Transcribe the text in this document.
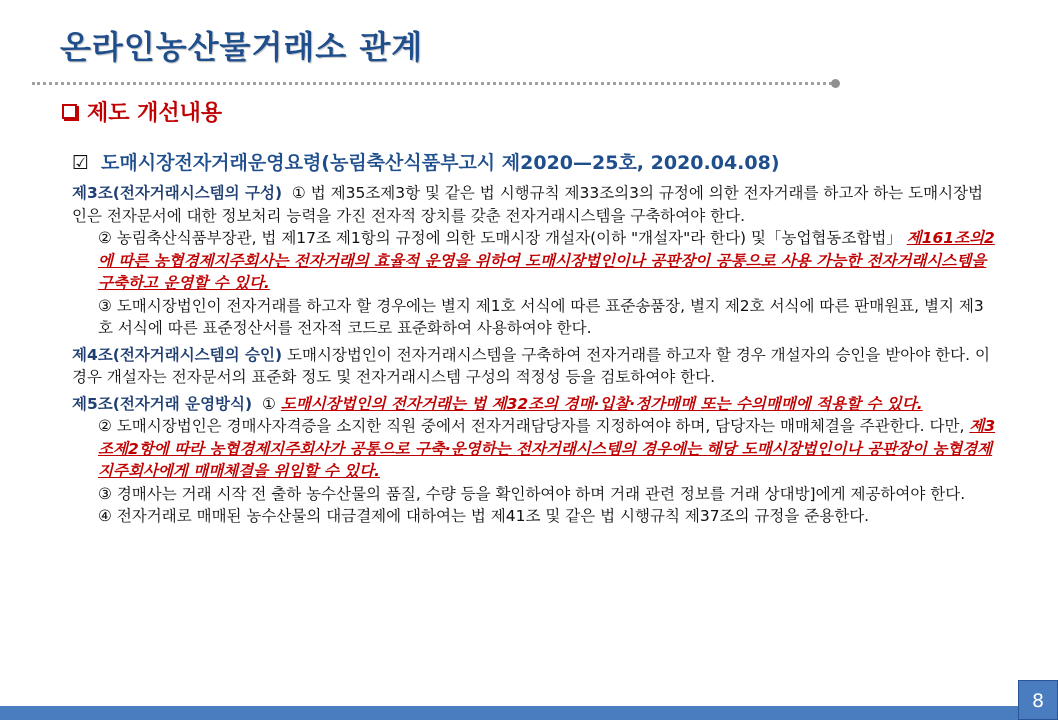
온라인농산물거래소 관계
제도 개선내용
☑ 도매시장전자거래운영요령(농림축산식품부고시 제2020—25호, 2020.04.08)
제3조(전자거래시스템의 구성) ① 법 제35조제3항 및 같은 법 시행규칙 제33조의3의 규정에 의한 전자거래를 하고자 하는 도매시장법인은 전자문서에 대한 정보처리 능력을 가진 전자적 장치를 갖춘 전자거래시스템을 구축하여야 한다.
② 농림축산식품부장관, 법 제17조 제1항의 규정에 의한 도매시장 개설자(이하 "개설자"라 한다) 및「농업협동조합법」 제161조의2에 따른 농협경제지주회사는 전자거래의 효율적 운영을 위하여 도매시장법인이나 공판장이 공통으로 사용 가능한 전자거래시스템을 구축하고 운영할 수 있다.
③ 도매시장법인이 전자거래를 하고자 할 경우에는 별지 제1호 서식에 따른 표준송품장, 별지 제2호 서식에 따른 판매원표, 별지 제3호 서식에 따른 표준정산서를 전자적 코드로 표준화하여 사용하여야 한다.
제4조(전자거래시스템의 승인) 도매시장법인이 전자거래시스템을 구축하여 전자거래를 하고자 할 경우 개설자의 승인을 받아야 한다. 이 경우 개설자는 전자문서의 표준화 정도 및 전자거래시스템 구성의 적정성 등을 검토하여야 한다.
제5조(전자거래 운영방식) ① 도매시장법인의 전자거래는 법 제32조의 경매·입찰·정가매매 또는 수의매매에 적용할 수 있다.
② 도매시장법인은 경매사자격증을 소지한 직원 중에서 전자거래담당자를 지정하여야 하며, 담당자는 매매체결을 주관한다. 다만, 제3조제2항에 따라 농협경제지주회사가 공통으로 구축·운영하는 전자거래시스템의 경우에는 해당 도매시장법인이나 공판장이 농협경제지주회사에게 매매체결을 위임할 수 있다.
③ 경매사는 거래 시작 전 출하 농수산물의 품질, 수량 등을 확인하여야 하며 거래 관련 정보를 거래 상대방]에게 제공하여야 한다.
④ 전자거래로 매매된 농수산물의 대금결제에 대하여는 법 제41조 및 같은 법 시행규칙 제37조의 규정을 준용한다.
8
